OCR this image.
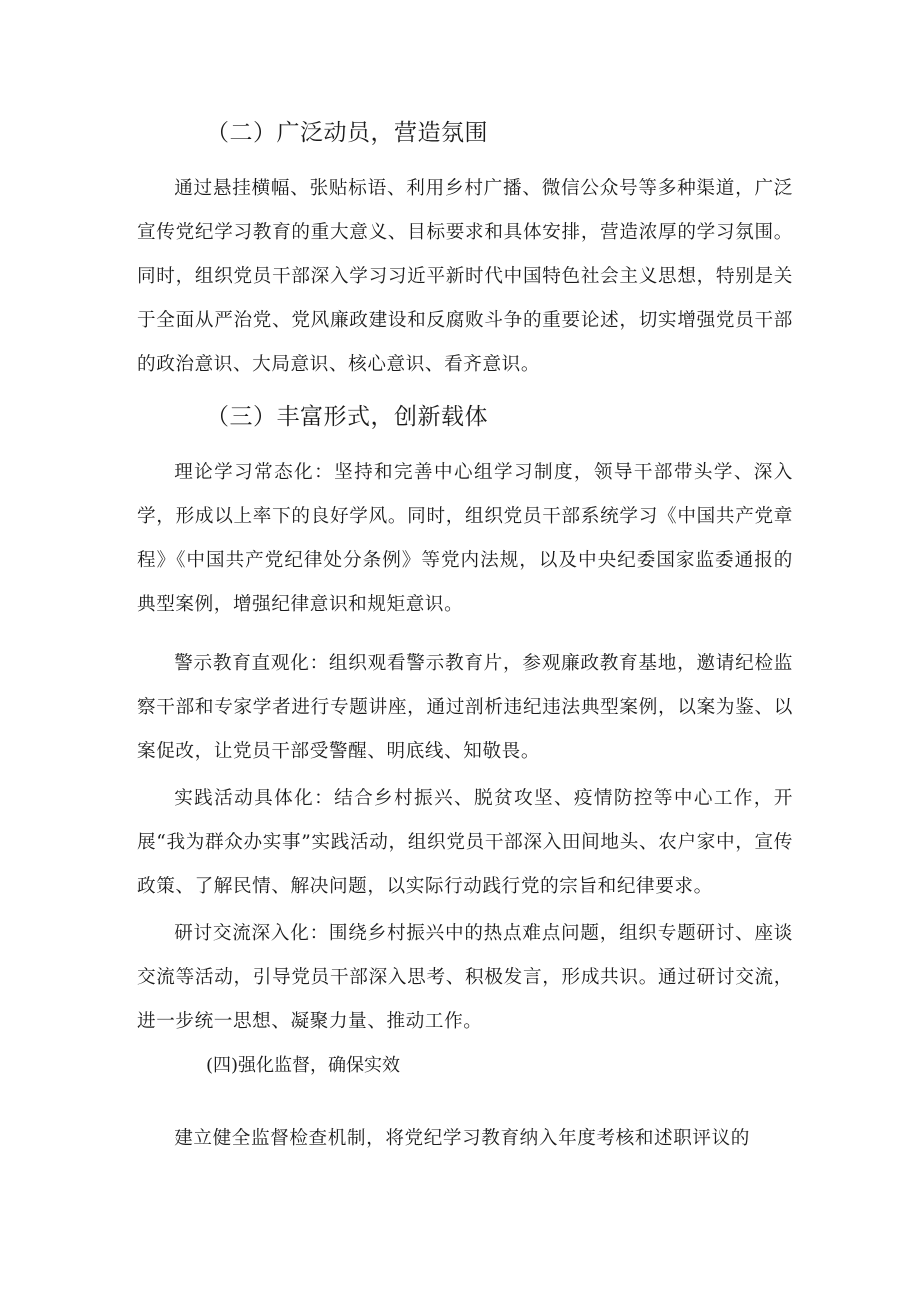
（二）广泛动员，营造氛围

通过悬挂横幅、张贴标语、利用乡村广播、微信公众号等多种渠道，广泛宣传党纪学习教育的重大意义、目标要求和具体安排，营造浓厚的学习氛围。同时，组织党员干部深入学习习近平新时代中国特色社会主义思想，特别是关于全面从严治党、党风廉政建设和反腐败斗争的重要论述，切实增强党员干部的政治意识、大局意识、核心意识、看齐意识。

（三）丰富形式，创新载体

理论学习常态化：坚持和完善中心组学习制度，领导干部带头学、深入学，形成以上率下的良好学风。同时，组织党员干部系统学习《中国共产党章程》《中国共产党纪律处分条例》等党内法规，以及中央纪委国家监委通报的典型案例，增强纪律意识和规矩意识。

警示教育直观化：组织观看警示教育片，参观廉政教育基地，邀请纪检监察干部和专家学者进行专题讲座，通过剖析违纪违法典型案例，以案为鉴、以案促改，让党员干部受警醒、明底线、知敬畏。

实践活动具体化：结合乡村振兴、脱贫攻坚、疫情防控等中心工作，开展“我为群众办实事”实践活动，组织党员干部深入田间地头、农户家中，宣传政策、了解民情、解决问题，以实际行动践行党的宗旨和纪律要求。

研讨交流深入化：围绕乡村振兴中的热点难点问题，组织专题研讨、座谈交流等活动，引导党员干部深入思考、积极发言，形成共识。通过研讨交流，进一步统一思想、凝聚力量、推动工作。

(四)强化监督，确保实效

建立健全监督检查机制，将党纪学习教育纳入年度考核和述职评议的
